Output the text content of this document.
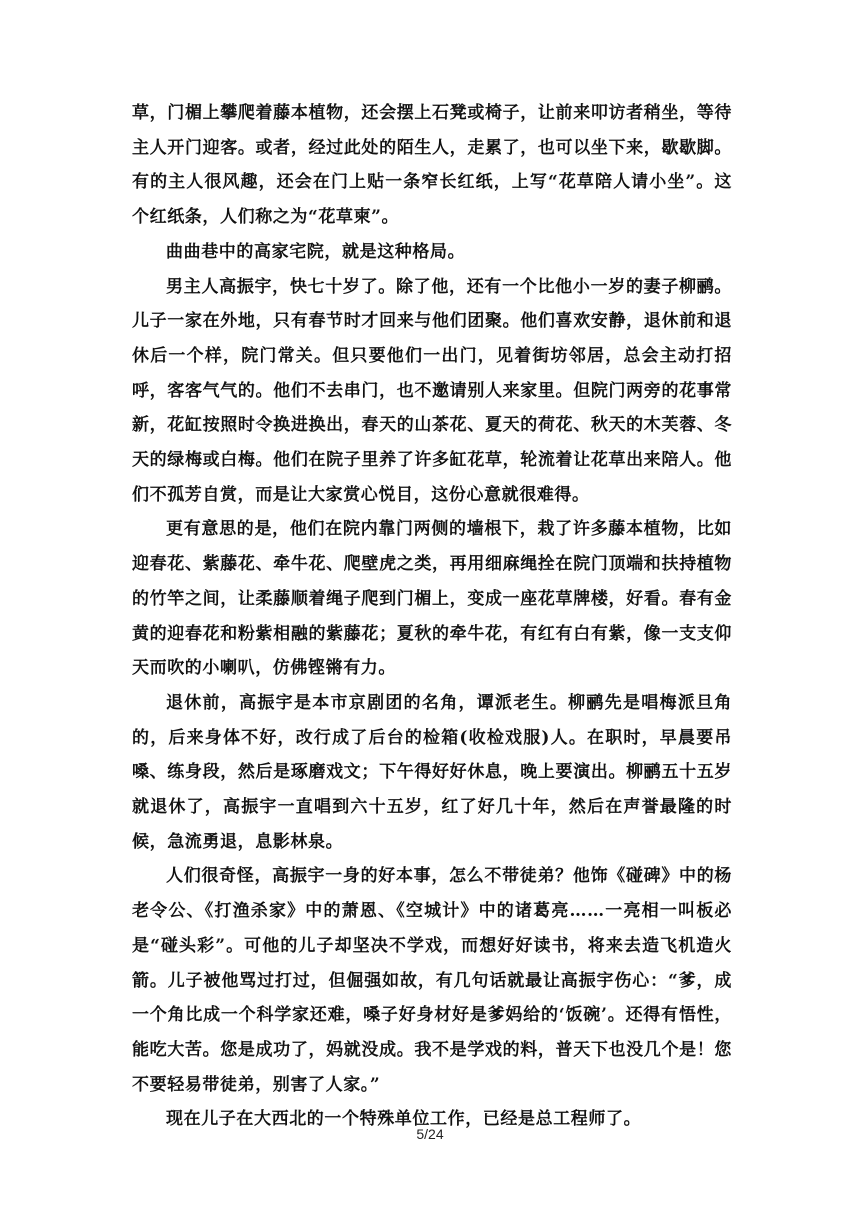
草，门楣上攀爬着藤本植物，还会摆上石凳或椅子，让前来叩访者稍坐，等待主人开门迎客。或者，经过此处的陌生人，走累了，也可以坐下来，歇歇脚。有的主人很风趣，还会在门上贴一条窄长红纸，上写“花草陪人请小坐”。这个红纸条，人们称之为“花草柬”。

曲曲巷中的高家宅院，就是这种格局。

男主人高振宇，快七十岁了。除了他，还有一个比他小一岁的妻子柳鹂。儿子一家在外地，只有春节时才回来与他们团聚。他们喜欢安静，退休前和退休后一个样，院门常关。但只要他们一出门，见着街坊邻居，总会主动打招呼，客客气气的。他们不去串门，也不邀请别人来家里。但院门两旁的花事常新，花缸按照时令换进换出，春天的山茶花、夏天的荷花、秋天的木芙蓉、冬天的绿梅或白梅。他们在院子里养了许多缸花草，轮流着让花草出来陪人。他们不孤芳自赏，而是让大家赏心悦目，这份心意就很难得。

更有意思的是，他们在院内靠门两侧的墙根下，栽了许多藤本植物，比如迎春花、紫藤花、牵牛花、爬壁虎之类，再用细麻绳拴在院门顶端和扶持植物的竹竿之间，让柔藤顺着绳子爬到门楣上，变成一座花草牌楼，好看。春有金黄的迎春花和粉紫相融的紫藤花；夏秋的牵牛花，有红有白有紫，像一支支仰天而吹的小喇叭，仿佛铿锵有力。

退休前，高振宇是本市京剧团的名角，谭派老生。柳鹂先是唱梅派旦角的，后来身体不好，改行成了后台的检箱(收检戏服)人。在职时，早晨要吊嗓、练身段，然后是琢磨戏文；下午得好好休息，晚上要演出。柳鹂五十五岁就退休了，高振宇一直唱到六十五岁，红了好几十年，然后在声誉最隆的时候，急流勇退，息影林泉。

人们很奇怪，高振宇一身的好本事，怎么不带徒弟？他饰《碰碑》中的杨老令公、《打渔杀家》中的萧恩、《空城计》中的诸葛亮……一亮相一叫板必是“碰头彩”。可他的儿子却坚决不学戏，而想好好读书，将来去造飞机造火箭。儿子被他骂过打过，但倔强如故，有几句话就最让高振宇伤心：“爹，成一个角比成一个科学家还难，嗓子好身材好是爹妈给的‘饭碗’。还得有悟性，能吃大苦。您是成功了，妈就没成。我不是学戏的料，普天下也没几个是！您不要轻易带徒弟，别害了人家。”

现在儿子在大西北的一个特殊单位工作，已经是总工程师了。

5/24
